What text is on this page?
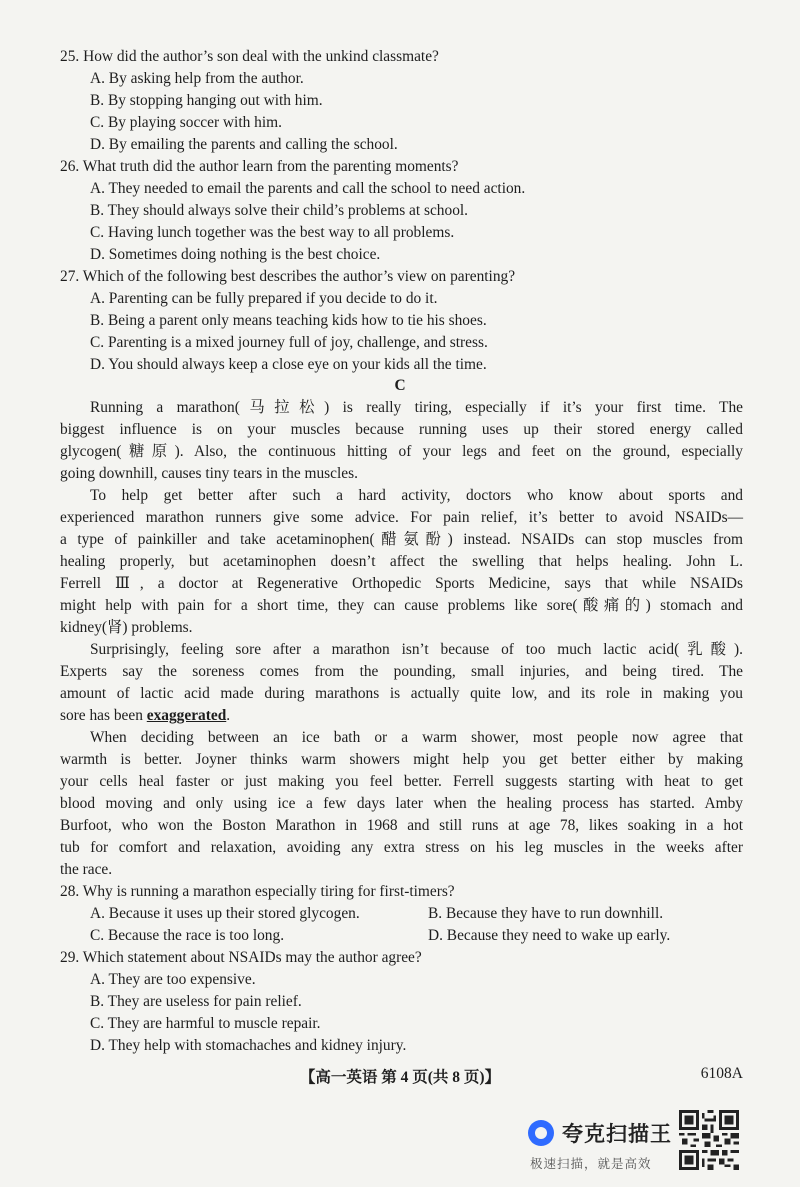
25. How did the author’s son deal with the unkind classmate?
A. By asking help from the author.
B. By stopping hanging out with him.
C. By playing soccer with him.
D. By emailing the parents and calling the school.
26. What truth did the author learn from the parenting moments?
A. They needed to email the parents and call the school to need action.
B. They should always solve their child’s problems at school.
C. Having lunch together was the best way to all problems.
D. Sometimes doing nothing is the best choice.
27. Which of the following best describes the author’s view on parenting?
A. Parenting can be fully prepared if you decide to do it.
B. Being a parent only means teaching kids how to tie his shoes.
C. Parenting is a mixed journey full of joy, challenge, and stress.
D. You should always keep a close eye on your kids all the time.
C
Running a marathon(马拉松) is really tiring, especially if it’s your first time. The
biggest influence is on your muscles because running uses up their stored energy called
glycogen(糖原). Also, the continuous hitting of your legs and feet on the ground, especially
going downhill, causes tiny tears in the muscles.
To help get better after such a hard activity, doctors who know about sports and
experienced marathon runners give some advice. For pain relief, it’s better to avoid NSAIDs—
a type of painkiller and take acetaminophen(醋氨酚) instead. NSAIDs can stop muscles from
healing properly, but acetaminophen doesn’t affect the swelling that helps healing. John L.
Ferrell Ⅲ, a doctor at Regenerative Orthopedic Sports Medicine, says that while NSAIDs
might help with pain for a short time, they can cause problems like sore(酸痛的) stomach and
kidney(肾) problems.
Surprisingly, feeling sore after a marathon isn’t because of too much lactic acid(乳酸).
Experts say the soreness comes from the pounding, small injuries, and being tired. The
amount of lactic acid made during marathons is actually quite low, and its role in making you
sore has been exaggerated.
When deciding between an ice bath or a warm shower, most people now agree that
warmth is better. Joyner thinks warm showers might help you get better either by making
your cells heal faster or just making you feel better. Ferrell suggests starting with heat to get
blood moving and only using ice a few days later when the healing process has started. Amby
Burfoot, who won the Boston Marathon in 1968 and still runs at age 78, likes soaking in a hot
tub for comfort and relaxation, avoiding any extra stress on his leg muscles in the weeks after
the race.
28. Why is running a marathon especially tiring for first-timers?
A. Because it uses up their stored glycogen.	B. Because they have to run downhill.
C. Because the race is too long.	D. Because they need to wake up early.
29. Which statement about NSAIDs may the author agree?
A. They are too expensive.
B. They are useless for pain relief.
C. They are harmful to muscle repair.
D. They help with stomachaches and kidney injury.
【高一英语 第 4 页(共 8 页)】	6108A
夸克扫描王
极速扫描，就是高效
